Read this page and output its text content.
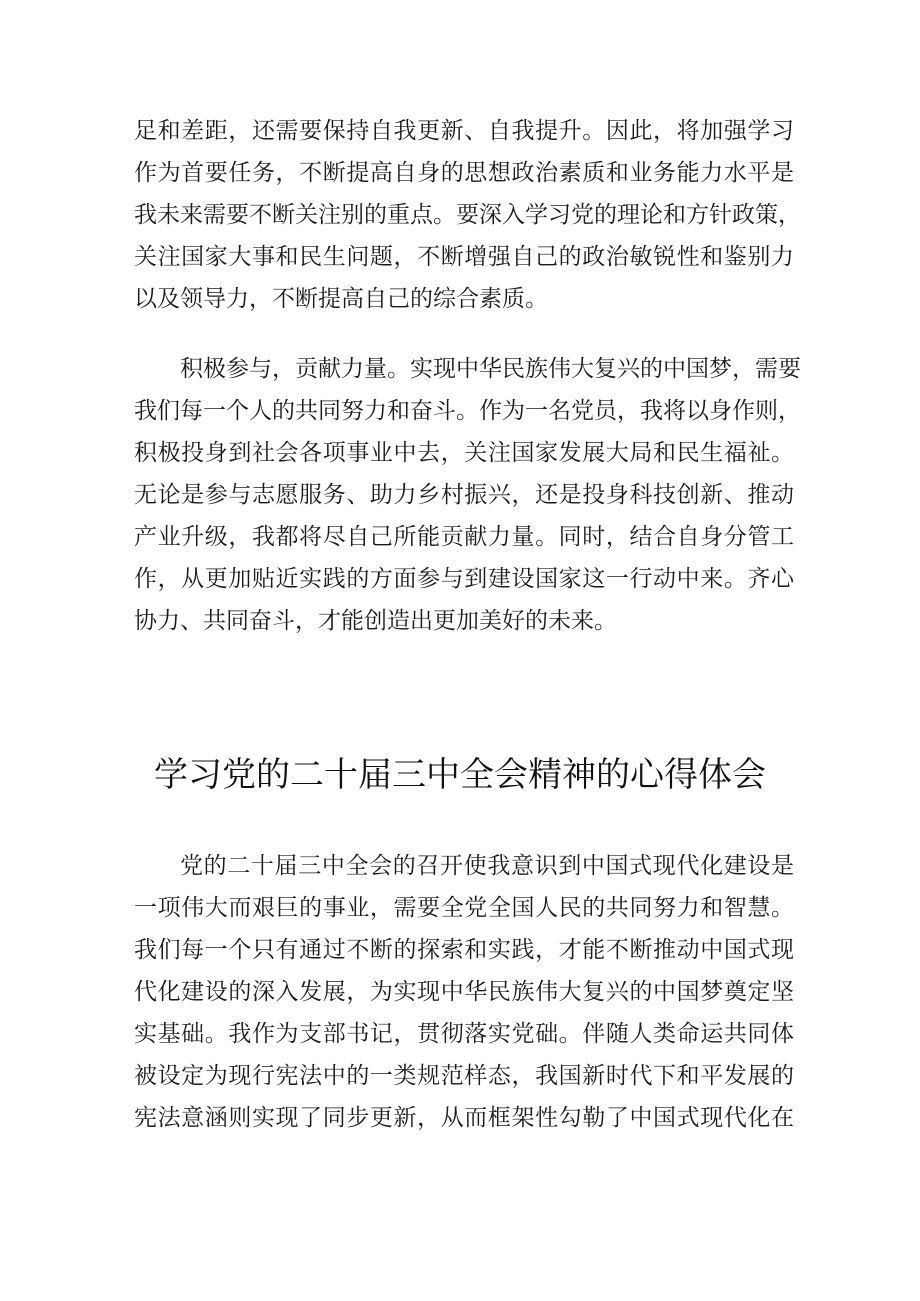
足和差距，还需要保持自我更新、自我提升。因此，将加强学习
作为首要任务，不断提高自身的思想政治素质和业务能力水平是
我未来需要不断关注别的重点。要深入学习党的理论和方针政策，
关注国家大事和民生问题，不断增强自己的政治敏锐性和鉴别力
以及领导力，不断提高自己的综合素质。
积极参与，贡献力量。实现中华民族伟大复兴的中国梦，需要
我们每一个人的共同努力和奋斗。作为一名党员，我将以身作则，
积极投身到社会各项事业中去，关注国家发展大局和民生福祉。
无论是参与志愿服务、助力乡村振兴，还是投身科技创新、推动
产业升级，我都将尽自己所能贡献力量。同时，结合自身分管工
作，从更加贴近实践的方面参与到建设国家这一行动中来。齐心
协力、共同奋斗，才能创造出更加美好的未来。
学习党的二十届三中全会精神的心得体会
党的二十届三中全会的召开使我意识到中国式现代化建设是
一项伟大而艰巨的事业，需要全党全国人民的共同努力和智慧。
我们每一个只有通过不断的探索和实践，才能不断推动中国式现
代化建设的深入发展，为实现中华民族伟大复兴的中国梦奠定坚
实基础。我作为支部书记，贯彻落实党础。伴随人类命运共同体
被设定为现行宪法中的一类规范样态，我国新时代下和平发展的
宪法意涵则实现了同步更新，从而框架性勾勒了中国式现代化在
